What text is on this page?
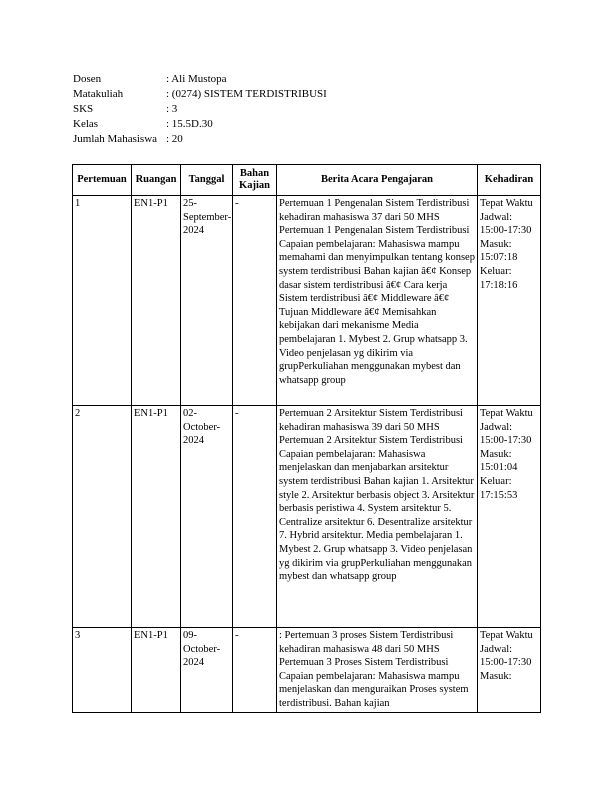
Dosen	: Ali Mustopa
Matakuliah	: (0274) SISTEM TERDISTRIBUSI
SKS	: 3
Kelas	: 15.5D.30
Jumlah Mahasiswa : 20
Pertemuan	Ruangan	Tanggal	Bahan Kajian	Berita Acara Pengajaran	Kehadiran
1	EN1-P1	25-September-2024	-	Pertemuan 1 Pengenalan Sistem Terdistribusi kehadiran mahasiswa 37 dari 50 MHS Pertemuan 1 Pengenalan Sistem Terdistribusi Capaian pembelajaran: Mahasiswa mampu memahami dan menyimpulkan tentang konsep system terdistribusi Bahan kajian â€¢ Konsep dasar sistem terdistribusi â€¢ Cara kerja Sistem terdistribusi â€¢ Middleware â€¢ Tujuan Middleware â€¢ Memisahkan kebijakan dari mekanisme Media pembelajaran 1. Mybest 2. Grup whatsapp 3. Video penjelasan yg dikirim via grupPerkuliahan menggunakan mybest dan whatsapp group	Tepat Waktu Jadwal: 15:00-17:30 Masuk: 15:07:18 Keluar: 17:18:16
2	EN1-P1	02-October-2024	-	Pertemuan 2 Arsitektur Sistem Terdistribusi kehadiran mahasiswa 39 dari 50 MHS Pertemuan 2 Arsitektur Sistem Terdistribusi Capaian pembelajaran: Mahasiswa menjelaskan dan menjabarkan arsitektur system terdistribusi Bahan kajian 1. Arsitektur style 2. Arsitektur berbasis object 3. Arsitektur berbasis peristiwa 4. System arsitektur 5. Centralize arsitektur 6. Desentralize arsitektur 7. Hybrid arsitektur. Media pembelajaran 1. Mybest 2. Grup whatsapp 3. Video penjelasan yg dikirim via grupPerkuliahan menggunakan mybest dan whatsapp group	Tepat Waktu Jadwal: 15:00-17:30 Masuk: 15:01:04 Keluar: 17:15:53
3	EN1-P1	09-October-2024	-	: Pertemuan 3 proses Sistem Terdistribusi kehadiran mahasiswa 48 dari 50 MHS Pertemuan 3 Proses Sistem Terdistribusi Capaian pembelajaran: Mahasiswa mampu menjelaskan dan menguraikan Proses system terdistribusi. Bahan kajian	Tepat Waktu Jadwal: 15:00-17:30 Masuk:
